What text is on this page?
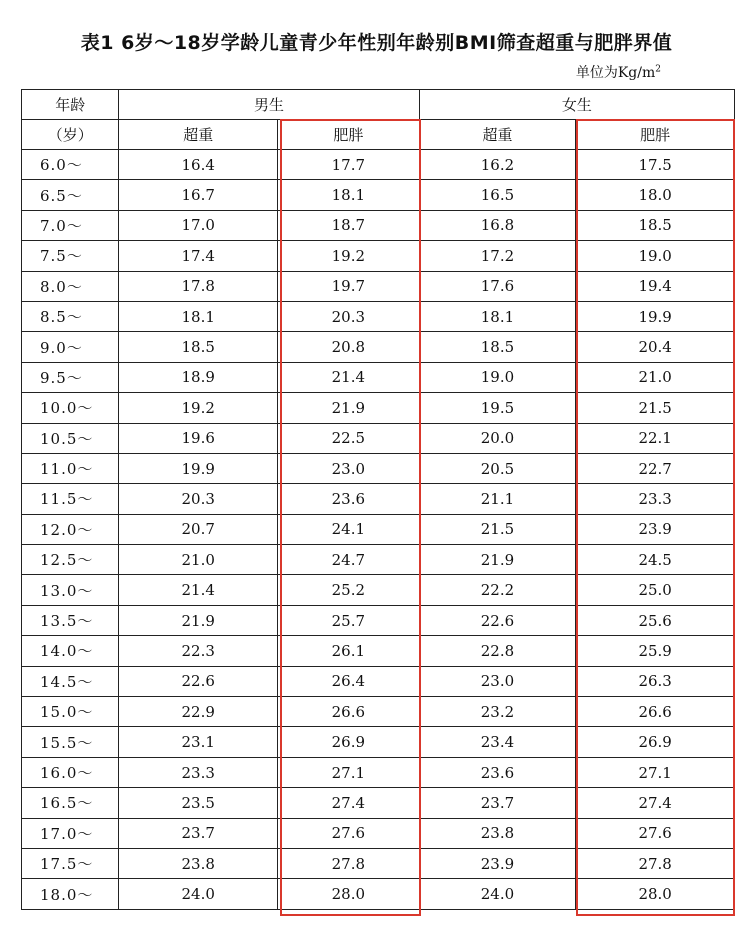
表1 6岁～18岁学龄儿童青少年性别年龄别BMI筛查超重与肥胖界值
单位为$Kg/m^2$
年龄	男生		女生	
（岁）	超重	肥胖	超重	肥胖
6.0～	16.4	17.7	16.2	17.5
6.5～	16.7	18.1	16.5	18.0
7.0～	17.0	18.7	16.8	18.5
7.5～	17.4	19.2	17.2	19.0
8.0～	17.8	19.7	17.6	19.4
8.5～	18.1	20.3	18.1	19.9
9.0～	18.5	20.8	18.5	20.4
9.5～	18.9	21.4	19.0	21.0
10.0～	19.2	21.9	19.5	21.5
10.5～	19.6	22.5	20.0	22.1
11.0～	19.9	23.0	20.5	22.7
11.5～	20.3	23.6	21.1	23.3
12.0～	20.7	24.1	21.5	23.9
12.5～	21.0	24.7	21.9	24.5
13.0～	21.4	25.2	22.2	25.0
13.5～	21.9	25.7	22.6	25.6
14.0～	22.3	26.1	22.8	25.9
14.5～	22.6	26.4	23.0	26.3
15.0～	22.9	26.6	23.2	26.6
15.5～	23.1	26.9	23.4	26.9
16.0～	23.3	27.1	23.6	27.1
16.5～	23.5	27.4	23.7	27.4
17.0～	23.7	27.6	23.8	27.6
17.5～	23.8	27.8	23.9	27.8
18.0～	24.0	28.0	24.0	28.0
